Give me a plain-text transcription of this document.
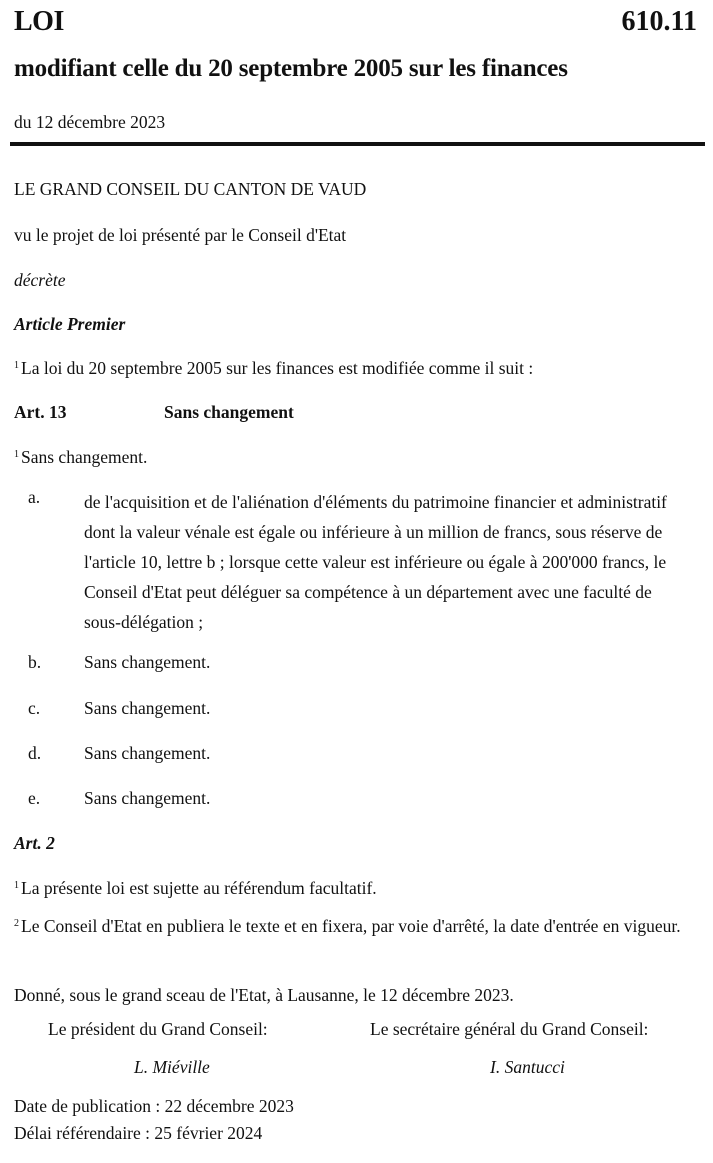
LOI	610.11
modifiant celle du 20 septembre 2005 sur les finances
du 12 décembre 2023
LE GRAND CONSEIL DU CANTON DE VAUD
vu le projet de loi présenté par le Conseil d'Etat
décrète
Article Premier
$^1$ La loi du 20 septembre 2005 sur les finances est modifiée comme il suit :
Art. 13	Sans changement
$^1$ Sans changement.
a.	de l'acquisition et de l'aliénation d'éléments du patrimoine financier et administratif dont la valeur vénale est égale ou inférieure à un million de francs, sous réserve de l'article 10, lettre b ; lorsque cette valeur est inférieure ou égale à 200'000 francs, le Conseil d'Etat peut déléguer sa compétence à un département avec une faculté de sous-délégation ;
b. Sans changement.
c.	Sans changement.
d. Sans changement.
e.	Sans changement.
Art. 2
$^1$ La présente loi est sujette au référendum facultatif.
$^2$ Le Conseil d'Etat en publiera le texte et en fixera, par voie d'arrêté, la date d'entrée en vigueur.
Donné, sous le grand sceau de l'Etat, à Lausanne, le 12 décembre 2023.
Le président du Grand Conseil:	Le secrétaire général du Grand Conseil:
L. Miéville	I. Santucci
Date de publication : 22 décembre 2023
Délai référendaire : 25 février 2024
